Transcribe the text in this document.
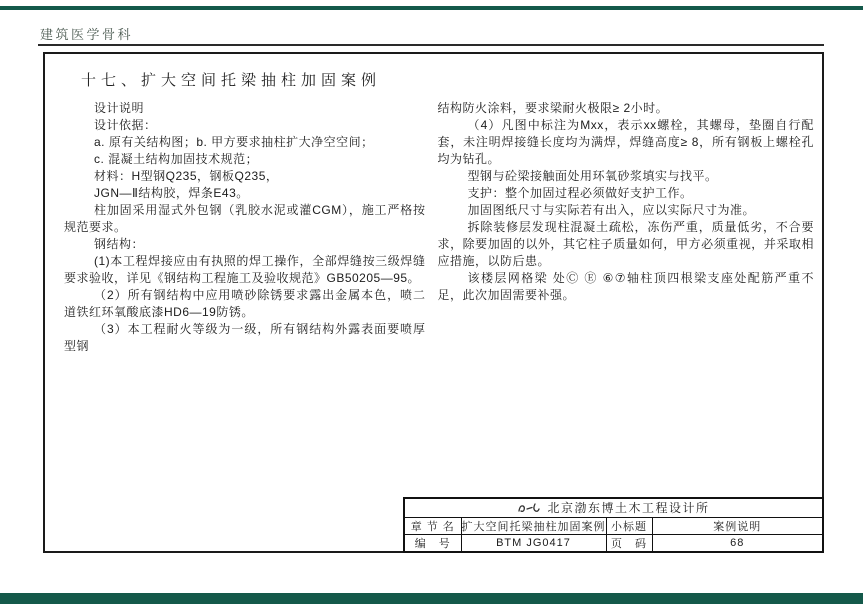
建筑医学骨科
十七、扩大空间托梁抽柱加固案例

设计说明

设计依据：

a. 原有关结构图；b. 甲方要求抽柱扩大净空空间；

c. 混凝土结构加固技术规范；

材料：H型钢Q235，钢板Q235，

JGN—Ⅱ结构胶，焊条E43。

柱加固采用湿式外包钢（乳胶水泥或灌CGM），施工严格按规范要求。

钢结构：

(1)本工程焊接应由有执照的焊工操作，全部焊缝按三级焊缝要求验收，详见《钢结构工程施工及验收规范》GB50205—95。

（2）所有钢结构中应用喷砂除锈要求露出金属本色，喷二道铁红环氧酸底漆HD6—19防锈。

（3）本工程耐火等级为一级，所有钢结构外露表面要喷厚型钢

结构防火涂料，要求梁耐火极限≥ 2小时。

（4）凡图中标注为Mxx，表示xx螺栓，其螺母，垫圈自行配套，未注明焊接缝长度均为满焊，焊缝高度≥ 8，所有钢板上螺栓孔均为钻孔。

型钢与砼梁接触面处用环氧砂浆填实与找平。

支护：整个加固过程必须做好支护工作。

加固图纸尺寸与实际若有出入，应以实际尺寸为准。

拆除装修层发现柱混凝土疏松，冻伤严重，质量低劣，不合要求，除要加固的以外，其它柱子质量如何，甲方必须重视，并采取相应措施，以防后患。

该楼层网格梁 处Ⓒ Ⓔ ⑥⑦轴柱顶四根梁支座处配筋严重不足，此次加固需要补强。

北京渤东博土木工程设计所			
章 节 名	扩大空间托梁抽柱加固案例	小标题	案例说明
编　号	BTM JG0417	页　码	68
